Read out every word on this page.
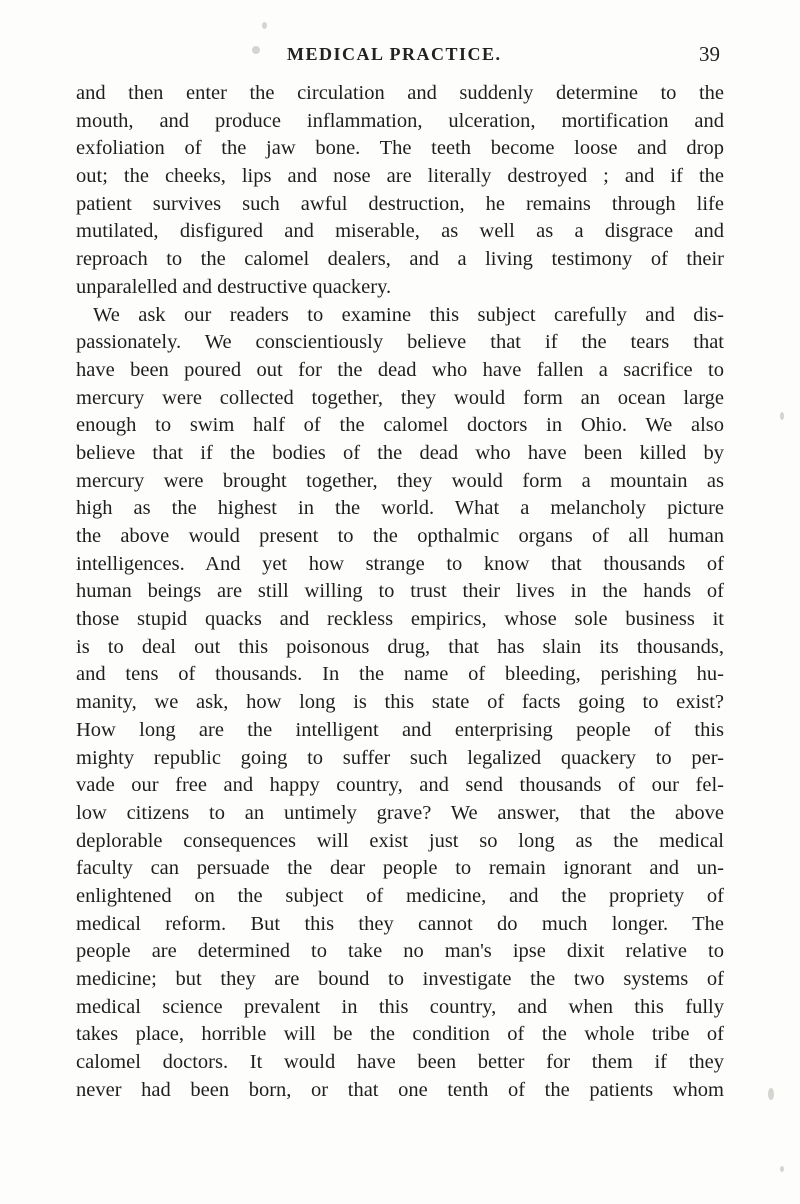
MEDICAL PRACTICE.	39
and then enter the circulation and suddenly determine to the
mouth, and produce inflammation, ulceration, mortification and
exfoliation of the jaw bone. The teeth become loose and drop
out; the cheeks, lips and nose are literally destroyed ; and if the
patient survives such awful destruction, he remains through life
mutilated, disfigured and miserable, as well as a disgrace and
reproach to the calomel dealers, and a living testimony of their
unparalelled and destructive quackery.
We ask our readers to examine this subject carefully and dis-
passionately. We conscientiously believe that if the tears that
have been poured out for the dead who have fallen a sacrifice to
mercury were collected together, they would form an ocean large
enough to swim half of the calomel doctors in Ohio. We also
believe that if the bodies of the dead who have been killed by
mercury were brought together, they would form a mountain as
high as the highest in the world. What a melancholy picture
the above would present to the opthalmic organs of all human
intelligences. And yet how strange to know that thousands of
human beings are still willing to trust their lives in the hands of
those stupid quacks and reckless empirics, whose sole business it
is to deal out this poisonous drug, that has slain its thousands,
and tens of thousands. In the name of bleeding, perishing hu-
manity, we ask, how long is this state of facts going to exist?
How long are the intelligent and enterprising people of this
mighty republic going to suffer such legalized quackery to per-
vade our free and happy country, and send thousands of our fel-
low citizens to an untimely grave? We answer, that the above
deplorable consequences will exist just so long as the medical
faculty can persuade the dear people to remain ignorant and un-
enlightened on the subject of medicine, and the propriety of
medical reform. But this they cannot do much longer. The
people are determined to take no man's ipse dixit relative to
medicine; but they are bound to investigate the two systems of
medical science prevalent in this country, and when this fully
takes place, horrible will be the condition of the whole tribe of
calomel doctors. It would have been better for them if they
never had been born, or that one tenth of the patients whom
